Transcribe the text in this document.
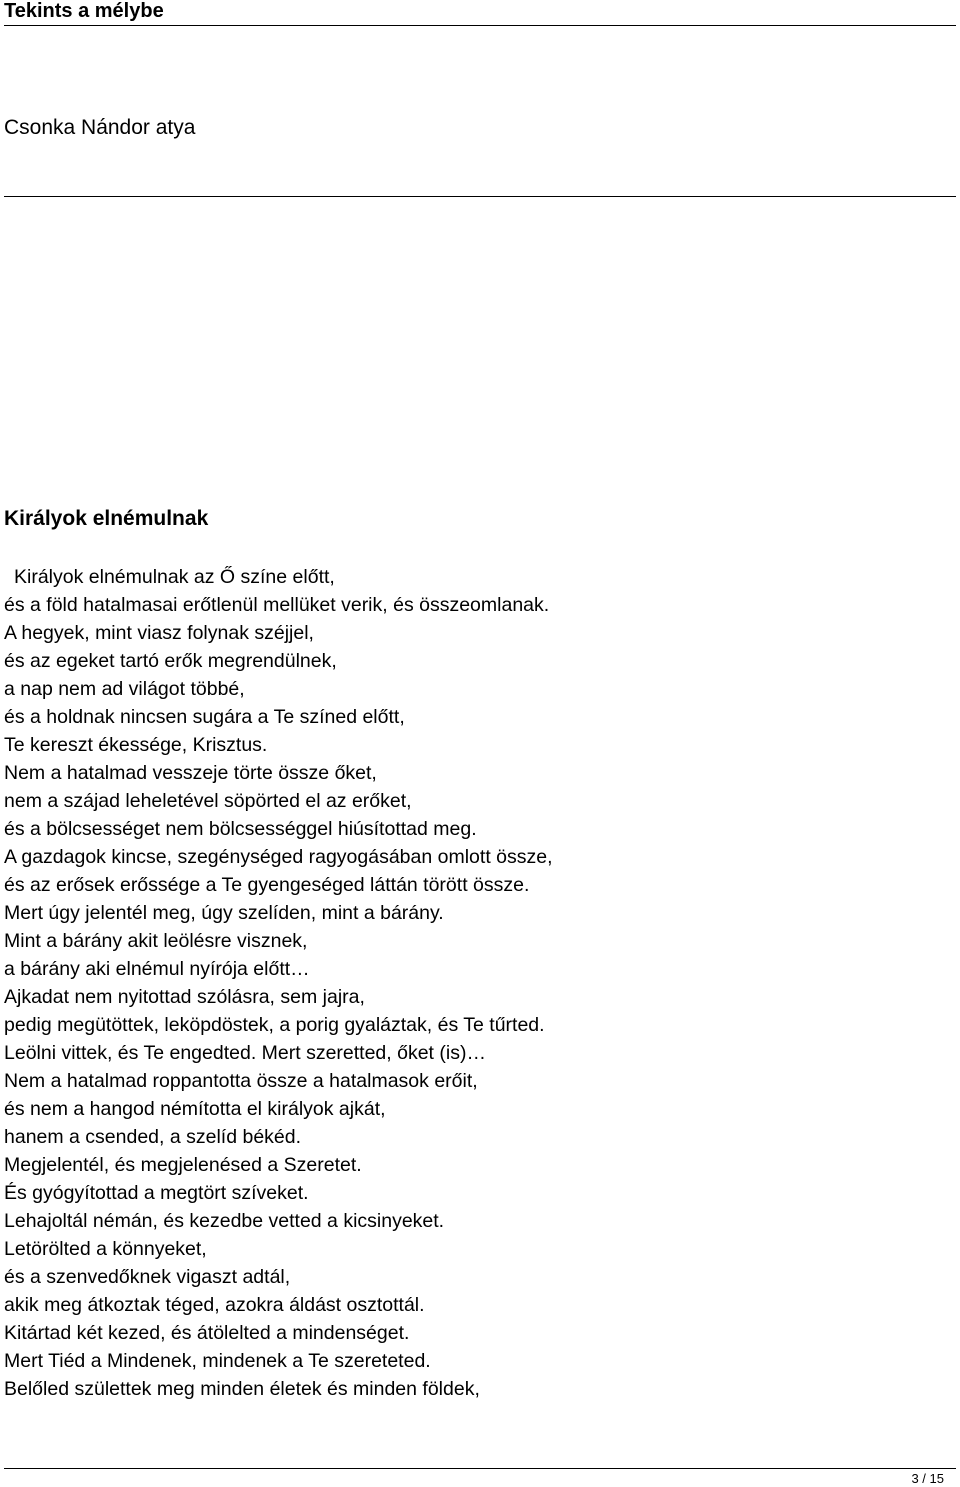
Tekints a mélybe
Csonka Nándor atya
Királyok elnémulnak
Királyok elnémulnak az Ő színe előtt,
és a föld hatalmasai erőtlenül mellüket verik, és összeomlanak.
A hegyek, mint viasz folynak széjjel,
és az egeket tartó erők megrendülnek,
a nap nem ad világot többé,
és a holdnak nincsen sugára a Te színed előtt,
Te kereszt ékessége, Krisztus.
Nem a hatalmad vesszeje törte össze őket,
nem a szájad leheletével söpörted el az erőket,
és a bölcsességet nem bölcsességgel hiúsítottad meg.
A gazdagok kincse, szegénységed ragyogásában omlott össze,
és az erősek erőssége a Te gyengeséged láttán törött össze.
Mert úgy jelentél meg, úgy szelíden, mint a bárány.
Mint a bárány akit leölésre visznek,
a bárány aki elnémul nyírója előtt…
Ajkadat nem nyitottad szólásra, sem jajra,
pedig megütöttek, leköpdöstek, a porig gyaláztak, és Te tűrted.
Leölni vittek, és Te engedted. Mert szeretted, őket (is)…
Nem a hatalmad roppantotta össze a hatalmasok erőit,
és nem a hangod némította el királyok ajkát,
hanem a csended, a szelíd békéd.
Megjelentél, és megjelenésed a Szeretet.
És gyógyítottad a megtört szíveket.
Lehajoltál némán, és kezedbe vetted a kicsinyeket.
Letörölted a könnyeket,
és a szenvedőknek vigaszt adtál,
akik meg átkoztak téged, azokra áldást osztottál.
Kitártad két kezed, és átölelted a mindenséget.
Mert Tiéd a Mindenek, mindenek a Te szereteted.
Belőled születtek meg minden életek és minden földek,
3 / 15
